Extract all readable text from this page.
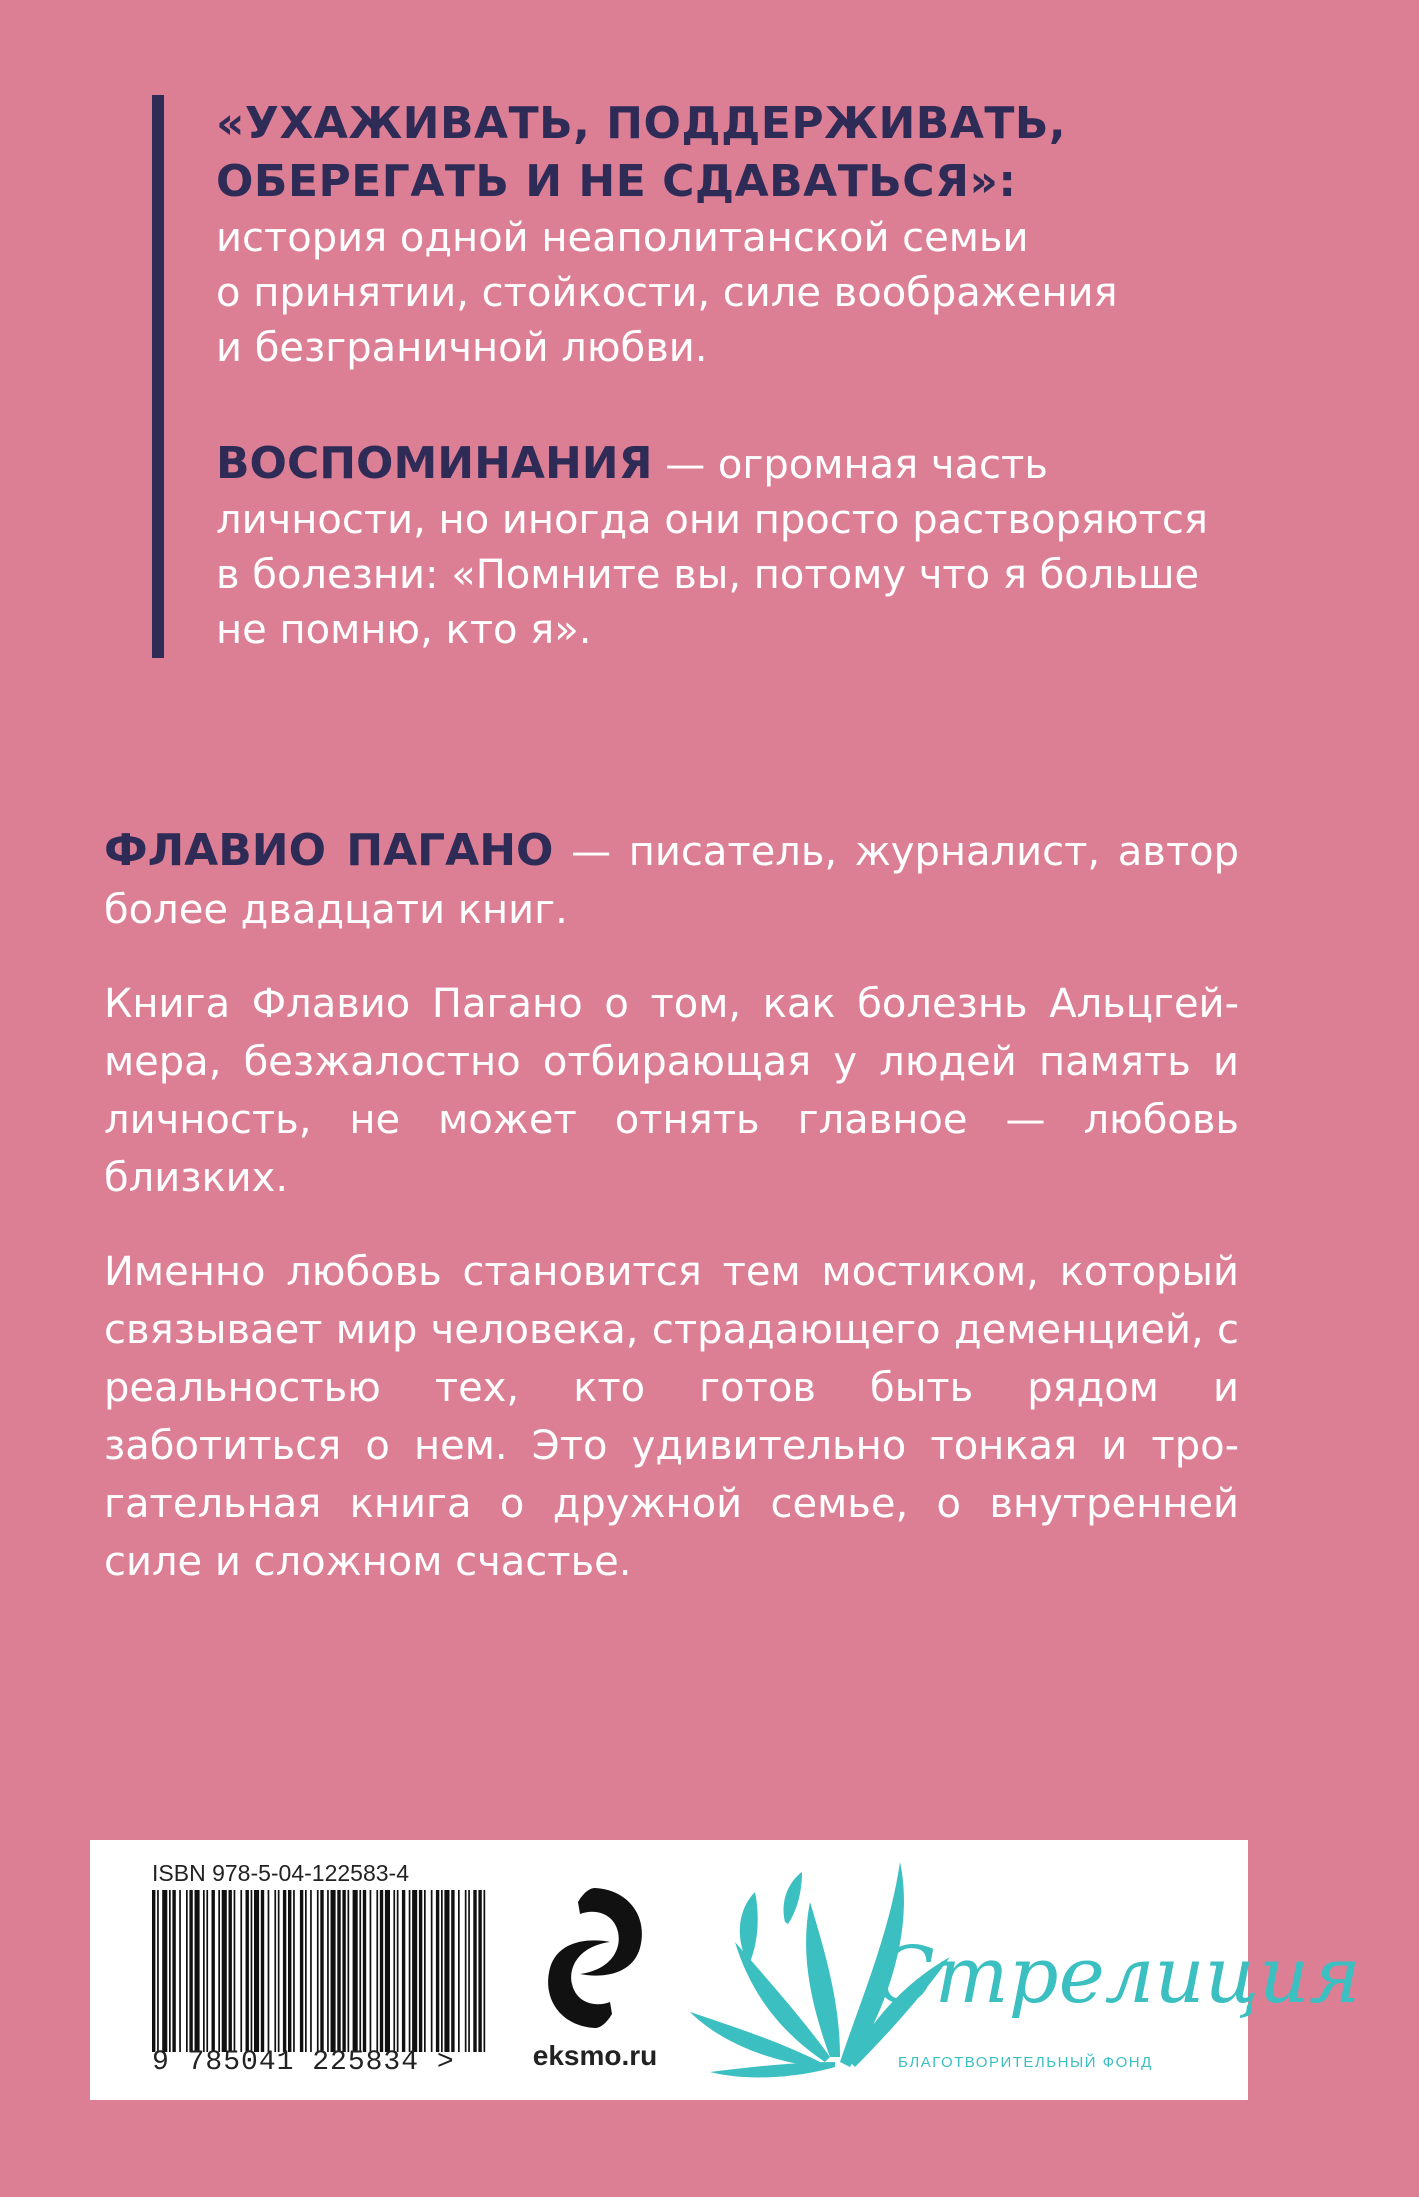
«УХАЖИВАТЬ, ПОДДЕРЖИВАТЬ, ОБЕРЕГАТЬ И НЕ СДАВАТЬСЯ»:

история одной неаполитанской семьи

о принятии, стойкости, силе воображения

и безграничной любви.

ВОСПОМИНАНИЯ — огромная часть личности, но иногда они просто растворяются в болезни: «Помните вы, потому что я больше не помню, кто я».

ФЛАВИО ПАГАНО — писатель, журналист, автор более двадцати книг.

Книга Флавио Пагано о том, как болезнь Альцгеймера, безжалостно отбирающая у людей память и личность, не может отнять главное — любовь близких.

Именно любовь становится тем мостиком, который связывает мир человека, страдающего деменцией, с реальностью тех, кто готов быть рядом и заботиться о нем. Это удивительно тонкая и трогательная книга о дружной семье, о внутренней силе и сложном счастье.

ISBN 978-5-04-122583-4
9 785041 225834 >	eksmo.ru
Стрелиция
БЛАГОТВОРИТЕЛЬНЫЙ ФОНД
